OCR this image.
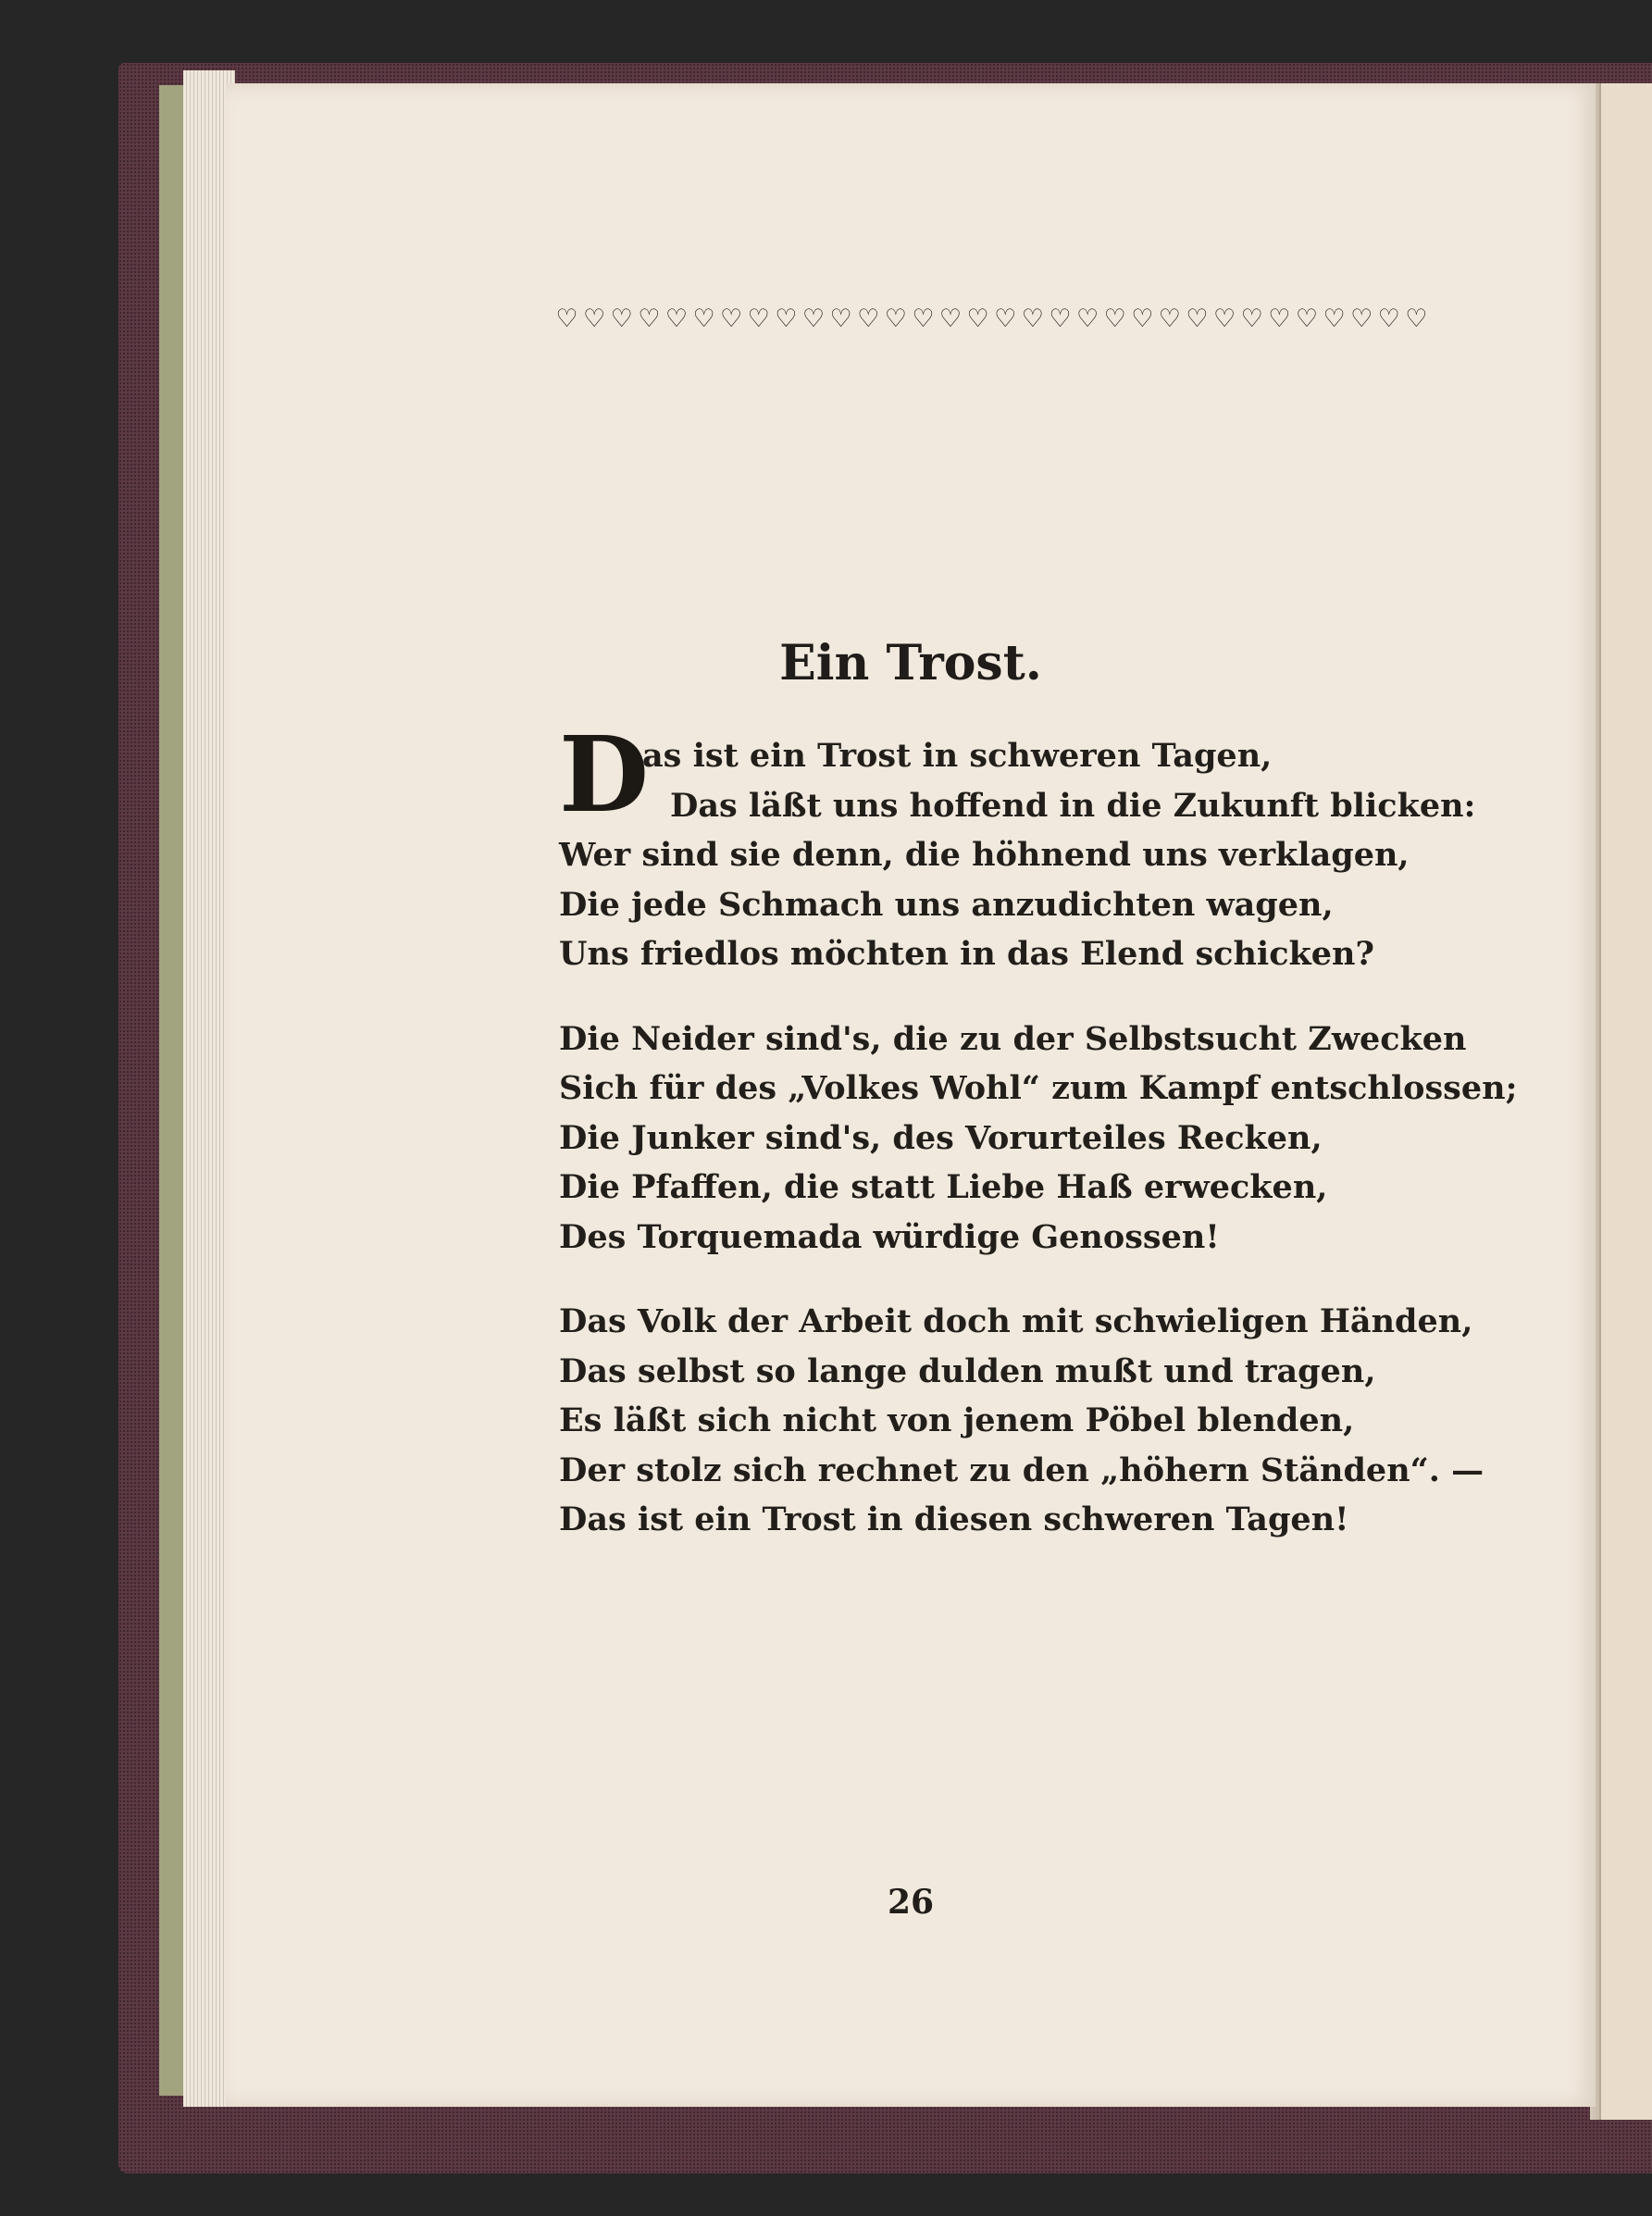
♡ ♡ ♡ ♡ ♡ ♡ ♡ ♡ ♡ ♡ ♡ ♡ ♡ ♡ ♡ ♡ ♡ ♡ ♡ ♡ ♡ ♡ ♡ ♡ ♡ ♡ ♡ ♡ ♡ ♡ ♡ ♡
Ein Trost.
D
as ist ein Trost in schweren Tagen,
Das läßt uns hoffend in die Zukunft blicken:
Wer sind sie denn, die höhnend uns verklagen,
Die jede Schmach uns anzudichten wagen,
Uns friedlos möchten in das Elend schicken?
Die Neider sind's, die zu der Selbstsucht Zwecken
Sich für des „Volkes Wohl“ zum Kampf entschlossen;
Die Junker sind's, des Vorurteiles Recken,
Die Pfaffen, die statt Liebe Haß erwecken,
Des Torquemada würdige Genossen!
Das Volk der Arbeit doch mit schwieligen Händen,
Das selbst so lange dulden mußt und tragen,
Es läßt sich nicht von jenem Pöbel blenden,
Der stolz sich rechnet zu den „höhern Ständen“. —
Das ist ein Trost in diesen schweren Tagen!
26
